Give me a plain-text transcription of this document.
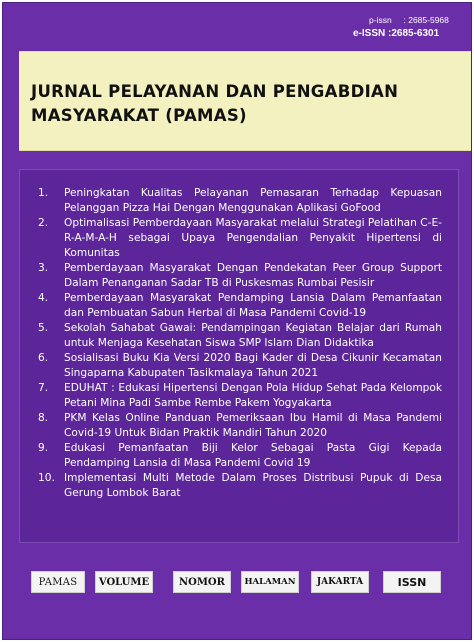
p-issn : 2685-5968
e-ISSN :2685-6301
JURNAL PELAYANAN DAN PENGABDIAN
MASYARAKAT (PAMAS)
1.	Peningkatan Kualitas Pelayanan Pemasaran Terhadap Kepuasan Pelanggan Pizza Hai Dengan Menggunakan Aplikasi GoFood
2.	Optimalisasi Pemberdayaan Masyarakat melalui Strategi Pelatihan C-E-R-A-M-A-H sebagai Upaya Pengendalian Penyakit Hipertensi di Komunitas
3.	Pemberdayaan Masyarakat Dengan Pendekatan Peer Group Support Dalam Penanganan Sadar TB di Puskesmas Rumbai Pesisir
4.	Pemberdayaan Masyarakat Pendamping Lansia Dalam Pemanfaatan dan Pembuatan Sabun Herbal di Masa Pandemi Covid-19
5.	Sekolah Sahabat Gawai: Pendampingan Kegiatan Belajar dari Rumah untuk Menjaga Kesehatan Siswa SMP Islam Dian Didaktika
6.	Sosialisasi Buku Kia Versi 2020 Bagi Kader di Desa Cikunir Kecamatan Singaparna Kabupaten Tasikmalaya Tahun 2021
7.	EDUHAT : Edukasi Hipertensi Dengan Pola Hidup Sehat Pada Kelompok Petani Mina Padi Sambe Rembe Pakem Yogyakarta
8.	PKM Kelas Online Panduan Pemeriksaan Ibu Hamil di Masa Pandemi Covid-19 Untuk Bidan Praktik Mandiri Tahun 2020
9.	Edukasi Pemanfaatan Biji Kelor Sebagai Pasta Gigi Kepada Pendamping Lansia di Masa Pandemi Covid 19
10. Implementasi Multi Metode Dalam Proses Distribusi Pupuk di Desa Gerung Lombok Barat
PAMAS	VOLUME	NOMOR	HALAMAN	JAKARTA	ISSN
